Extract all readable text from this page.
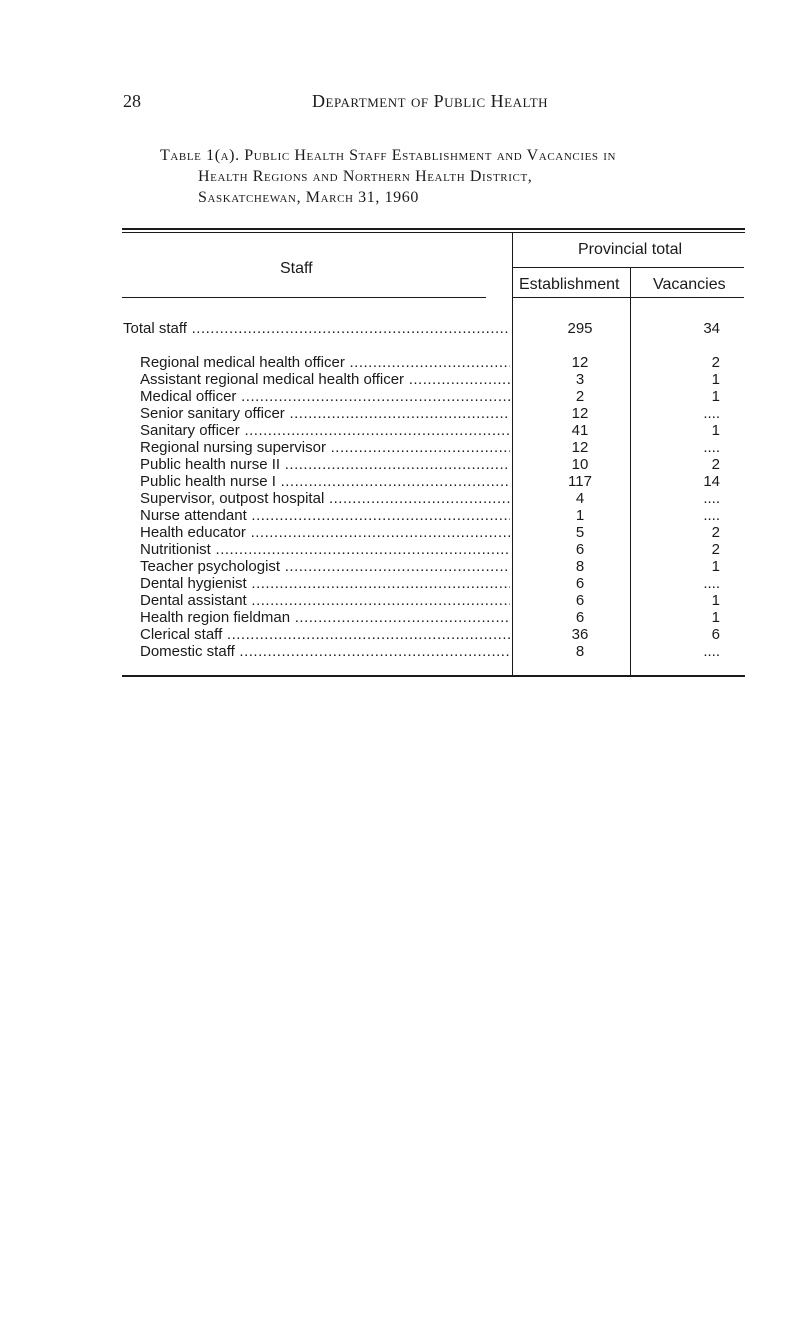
28	Department of Public Health
Table 1(a). Public Health Staff Establishment and Vacancies in
Health Regions and Northern Health District,
Saskatchewan, March 31, 1960
Staff
Provincial total
Establishment Vacancies
Total staff .....	295	34
Regional medical health officer .....	12	2
Assistant regional medical health officer .....	3	1
Medical officer .....	2	1
Senior sanitary officer .....	12	....
Sanitary officer .....	41	1
Regional nursing supervisor .....	12	....
Public health nurse II .....	10	2
Public health nurse I .....	117	14
Supervisor, outpost hospital .....	4	....
Nurse attendant .....	1	....
Health educator .....	5	2
Nutritionist .....	6	2
Teacher psychologist .....	8	1
Dental hygienist .....	6	....
Dental assistant .....	6	1
Health region fieldman .....	6	1
Clerical staff .....	36	6
Domestic staff .....	8	....
